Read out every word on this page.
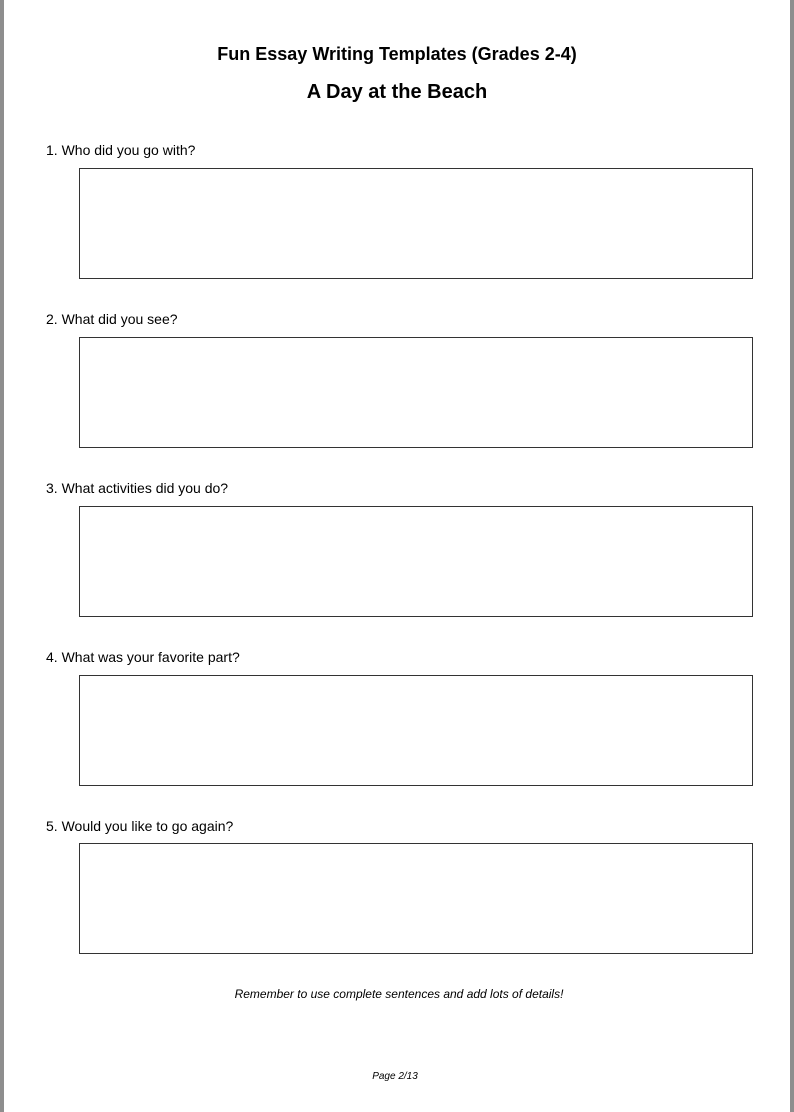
Fun Essay Writing Templates (Grades 2-4)
A Day at the Beach

1. Who did you go with?

2. What did you see?

3. What activities did you do?

4. What was your favorite part?

5. Would you like to go again?

Remember to use complete sentences and add lots of details!

Page 2/13
